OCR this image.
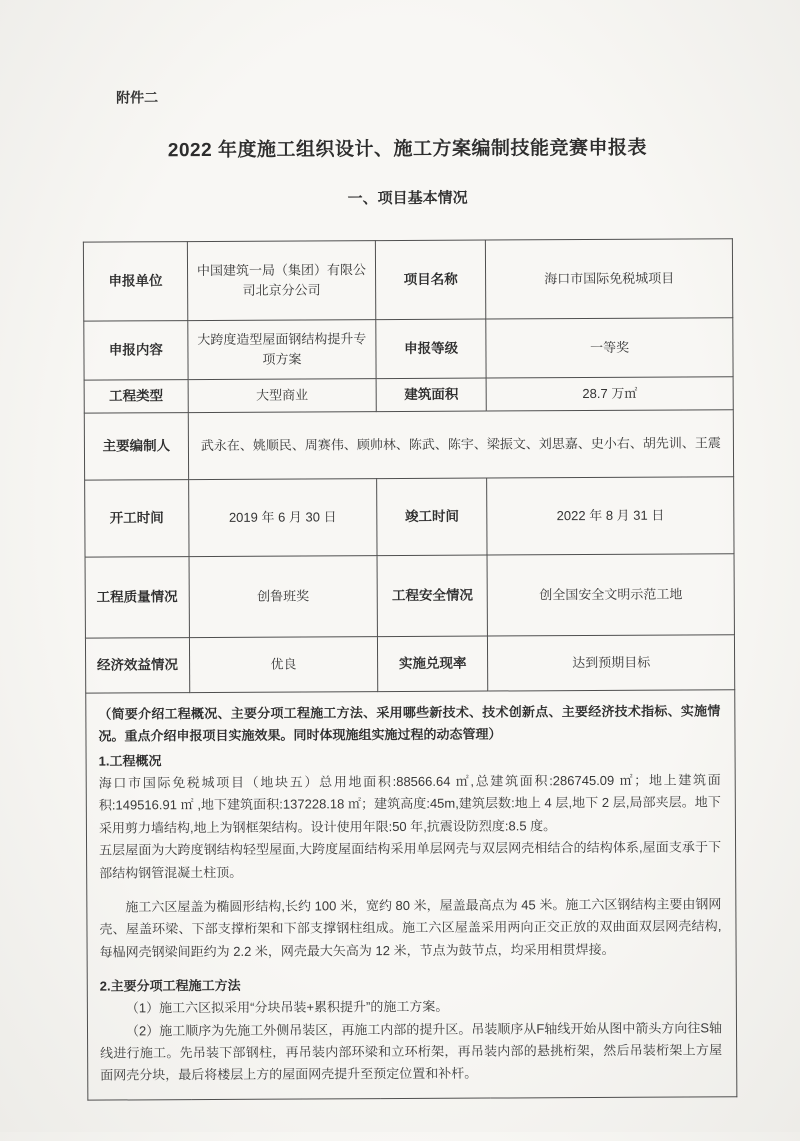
附件二
2022 年度施工组织设计、施工方案编制技能竞赛申报表
一、项目基本情况
申报单位	中国建筑一局（集团）有限公司北京分公司	项目名称	海口市国际免税城项目
申报内容	大跨度造型屋面钢结构提升专项方案	申报等级	一等奖
工程类型	大型商业	建筑面积	28.7 万㎡
主要编制人	武永在、姚顺民、周赛伟、顾帅林、陈武、陈宇、梁振文、刘思嘉、史小右、胡先训、王震		
开工时间	2019 年 6 月 30 日	竣工时间	2022 年 8 月 31 日
工程质量情况	创鲁班奖	工程安全情况	创全国安全文明示范工地
经济效益情况	优良	实施兑现率	达到预期目标

（简要介绍工程概况、主要分项工程施工方法、采用哪些新技术、技术创新点、主要经济技术指标、实施情况。重点介绍申报项目实施效果。同时体现施组实施过程的动态管理）

1.工程概况

海口市国际免税城项目（地块五）总用地面积:88566.64 ㎡,总建筑面积:286745.09 ㎡；地上建筑面积:149516.91 ㎡ ,地下建筑面积:137228.18 ㎡；建筑高度:45m,建筑层数:地上 4 层,地下 2 层,局部夹层。地下采用剪力墙结构,地上为钢框架结构。设计使用年限:50 年,抗震设防烈度:8.5 度。

五层屋面为大跨度钢结构轻型屋面,大跨度屋面结构采用单层网壳与双层网壳相结合的结构体系,屋面支承于下部结构钢管混凝土柱顶。

施工六区屋盖为椭圆形结构,长约 100 米，宽约 80 米，屋盖最高点为 45 米。施工六区钢结构主要由钢网壳、屋盖环梁、下部支撑桁架和下部支撑钢柱组成。施工六区屋盖采用两向正交正放的双曲面双层网壳结构,每榀网壳钢梁间距约为 2.2 米，网壳最大矢高为 12 米，节点为鼓节点，均采用相贯焊接。

2.主要分项工程施工方法

（1）施工六区拟采用“分块吊装+累积提升”的施工方案。

（2）施工顺序为先施工外侧吊装区，再施工内部的提升区。吊装顺序从F轴线开始从图中箭头方向往S轴线进行施工。先吊装下部钢柱，再吊装内部环梁和立环桁架，再吊装内部的悬挑桁架，然后吊装桁架上方屋面网壳分块，最后将楼层上方的屋面网壳提升至预定位置和补杆。
